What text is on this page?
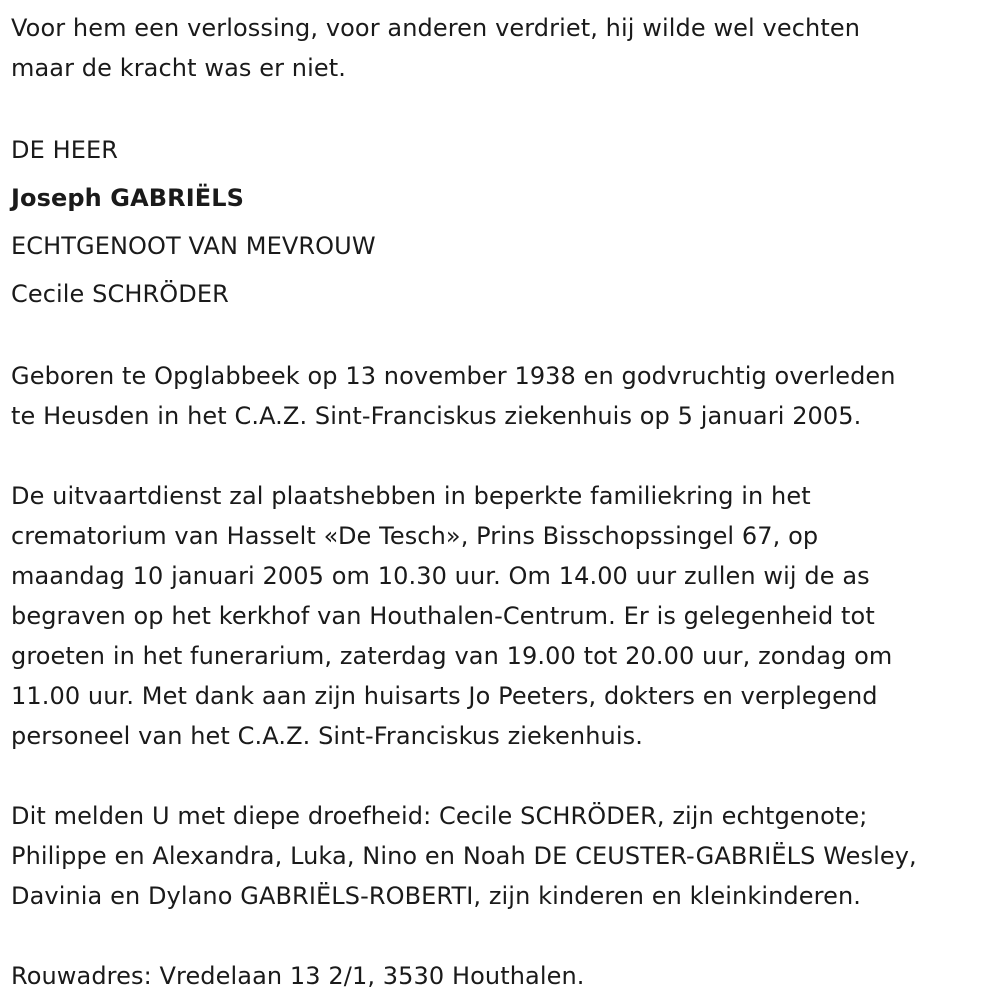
Voor hem een verlossing, voor anderen verdriet, hij wilde wel vechten
maar de kracht was er niet.

DE HEER
Joseph GABRIËLS
ECHTGENOOT VAN MEVROUW
Cecile SCHRÖDER

Geboren te Opglabbeek op 13 november 1938 en godvruchtig overleden
te Heusden in het C.A.Z. Sint-Franciskus ziekenhuis op 5 januari 2005.

De uitvaartdienst zal plaatshebben in beperkte familiekring in het
crematorium van Hasselt «De Tesch», Prins Bisschopssingel 67, op
maandag 10 januari 2005 om 10.30 uur. Om 14.00 uur zullen wij de as
begraven op het kerkhof van Houthalen-Centrum. Er is gelegenheid tot
groeten in het funerarium, zaterdag van 19.00 tot 20.00 uur, zondag om
11.00 uur. Met dank aan zijn huisarts Jo Peeters, dokters en verplegend
personeel van het C.A.Z. Sint-Franciskus ziekenhuis.

Dit melden U met diepe droefheid: Cecile SCHRÖDER, zijn echtgenote;
Philippe en Alexandra, Luka, Nino en Noah DE CEUSTER-GABRIËLS Wesley,
Davinia en Dylano GABRIËLS-ROBERTI, zijn kinderen en kleinkinderen.

Rouwadres: Vredelaan 13 2/1, 3530 Houthalen.
